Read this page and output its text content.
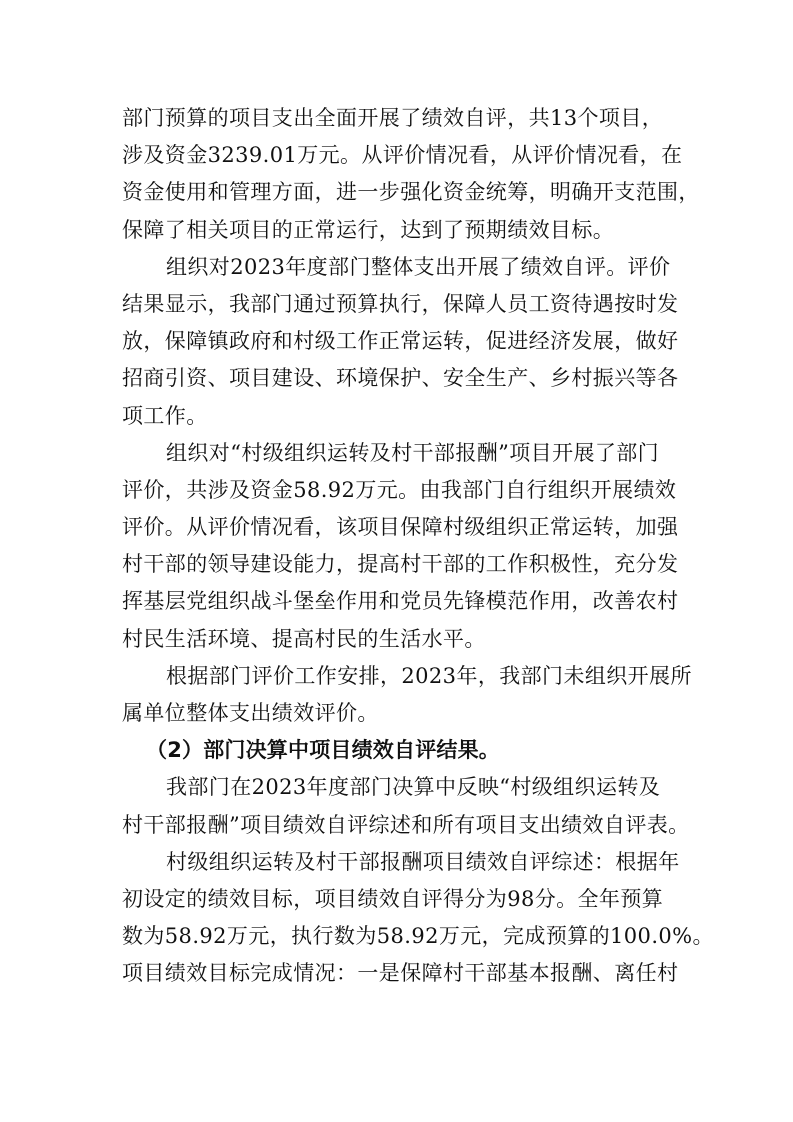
部门预算的项目支出全面开展了绩效自评，共13个项目，
涉及资金3239.01万元。从评价情况看，从评价情况看，在
资金使用和管理方面，进一步强化资金统筹，明确开支范围，
保障了相关项目的正常运行，达到了预期绩效目标。
组织对2023年度部门整体支出开展了绩效自评。评价
结果显示，我部门通过预算执行，保障人员工资待遇按时发
放，保障镇政府和村级工作正常运转，促进经济发展，做好
招商引资、项目建设、环境保护、安全生产、乡村振兴等各
项工作。
组织对“村级组织运转及村干部报酬”项目开展了部门
评价，共涉及资金58.92万元。由我部门自行组织开展绩效
评价。从评价情况看，该项目保障村级组织正常运转，加强
村干部的领导建设能力，提高村干部的工作积极性，充分发
挥基层党组织战斗堡垒作用和党员先锋模范作用，改善农村
村民生活环境、提高村民的生活水平。
根据部门评价工作安排，2023年，我部门未组织开展所
属单位整体支出绩效评价。
（2）部门决算中项目绩效自评结果。
我部门在2023年度部门决算中反映“村级组织运转及
村干部报酬”项目绩效自评综述和所有项目支出绩效自评表。
村级组织运转及村干部报酬项目绩效自评综述：根据年
初设定的绩效目标，项目绩效自评得分为98分。全年预算
数为58.92万元，执行数为58.92万元，完成预算的100.0%。
项目绩效目标完成情况：一是保障村干部基本报酬、离任村
